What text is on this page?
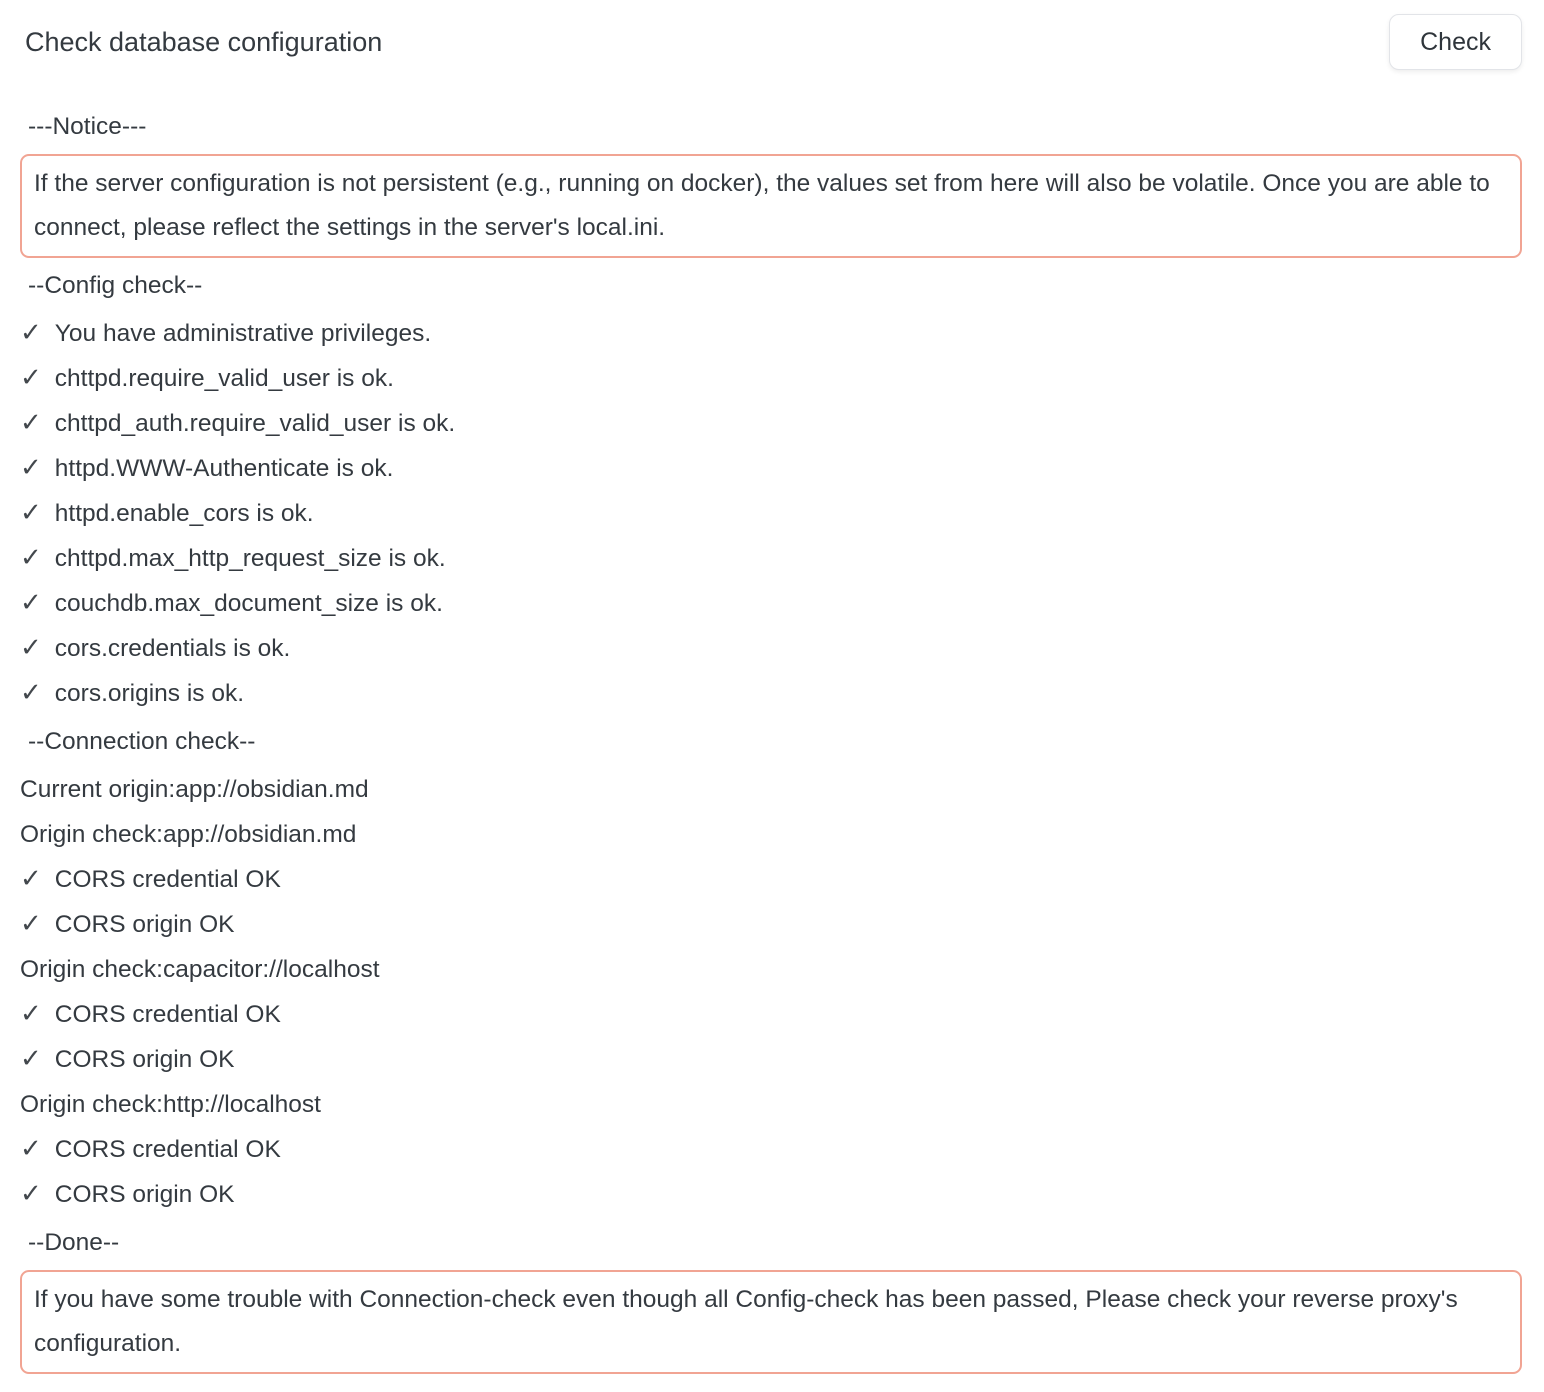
Check database configuration	Check
---Notice---
If the server configuration is not persistent (e.g., running on docker), the values set from here will also be volatile. Once you are able to connect, please reflect the settings in the server's local.ini.
--Config check--
✓ You have administrative privileges.
✓ chttpd.require_valid_user is ok.
✓ chttpd_auth.require_valid_user is ok.
✓ httpd.WWW-Authenticate is ok.
✓ httpd.enable_cors is ok.
✓ chttpd.max_http_request_size is ok.
✓ couchdb.max_document_size is ok.
✓ cors.credentials is ok.
✓ cors.origins is ok.
--Connection check--
Current origin:app://obsidian.md
Origin check:app://obsidian.md
✓ CORS credential OK
✓ CORS origin OK
Origin check:capacitor://localhost
✓ CORS credential OK
✓ CORS origin OK
Origin check:http://localhost
✓ CORS credential OK
✓ CORS origin OK
--Done--
If you have some trouble with Connection-check even though all Config-check has been passed, Please check your reverse proxy's configuration.
